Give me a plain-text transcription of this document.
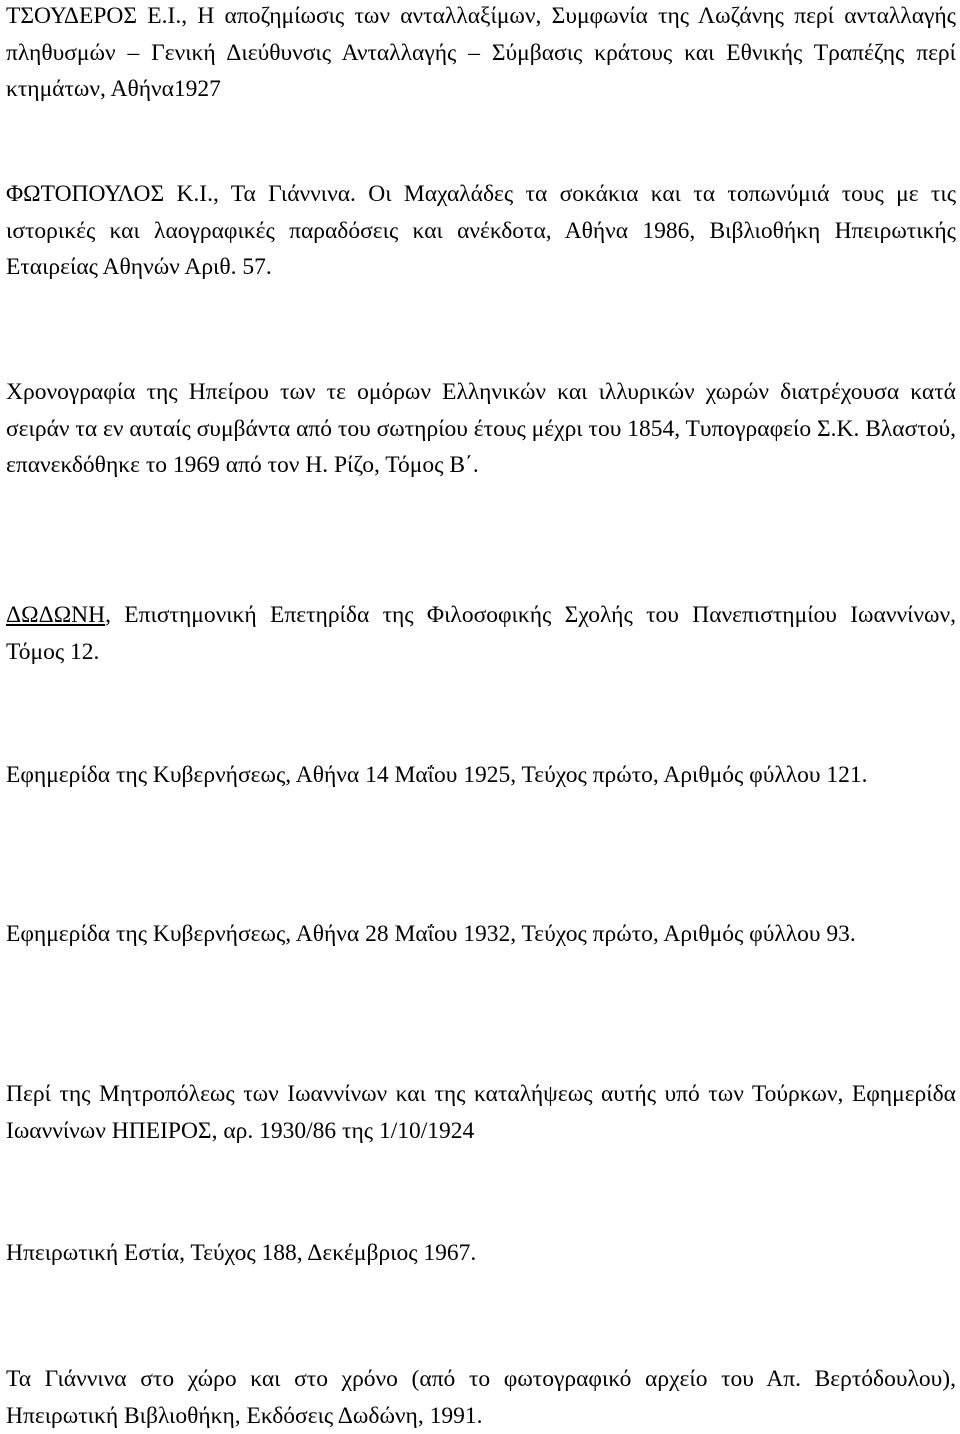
ΤΣΟΥΔΕΡΟΣ Ε.Ι., Η αποζημίωσις των ανταλλαξίμων, Συμφωνία της Λωζάνης περί ανταλλαγής πληθυσμών – Γενική Διεύθυνσις Ανταλλαγής – Σύμβασις κράτους και Εθνικής Τραπέζης περί κτημάτων, Αθήνα1927

ΦΩΤΟΠΟΥΛΟΣ Κ.Ι., Τα Γιάννινα. Οι Μαχαλάδες τα σοκάκια και τα τοπωνύμιά τους με τις ιστορικές και λαογραφικές παραδόσεις και ανέκδοτα, Αθήνα 1986, Βιβλιοθήκη Ηπειρωτικής Εταιρείας Αθηνών Αριθ. 57.

Χρονογραφία της Ηπείρου των τε ομόρων Ελληνικών και ιλλυρικών χωρών διατρέχουσα κατά σειράν τα εν αυταίς συμβάντα από του σωτηρίου έτους μέχρι του 1854, Τυπογραφείο Σ.Κ. Βλαστού, επανεκδόθηκε το 1969 από τον Η. Ρίζο, Τόμος Β΄.

ΔΩΔΩΝΗ, Επιστημονική Επετηρίδα της Φιλοσοφικής Σχολής του Πανεπιστημίου Ιωαννίνων, Τόμος 12.

Εφημερίδα της Κυβερνήσεως, Αθήνα 14 Μαΐου 1925, Τεύχος πρώτο, Αριθμός φύλλου 121.

Εφημερίδα της Κυβερνήσεως, Αθήνα 28 Μαΐου 1932, Τεύχος πρώτο, Αριθμός φύλλου 93.

Περί της Μητροπόλεως των Ιωαννίνων και της καταλήψεως αυτής υπό των Τούρκων, Εφημερίδα Ιωαννίνων ΗΠΕΙΡΟΣ, αρ. 1930/86 της 1/10/1924

Ηπειρωτική Εστία, Τεύχος 188, Δεκέμβριος 1967.

Τα Γιάννινα στο χώρο και στο χρόνο (από το φωτογραφικό αρχείο του Απ. Βερτόδουλου), Ηπειρωτική Βιβλιοθήκη, Εκδόσεις Δωδώνη, 1991.
